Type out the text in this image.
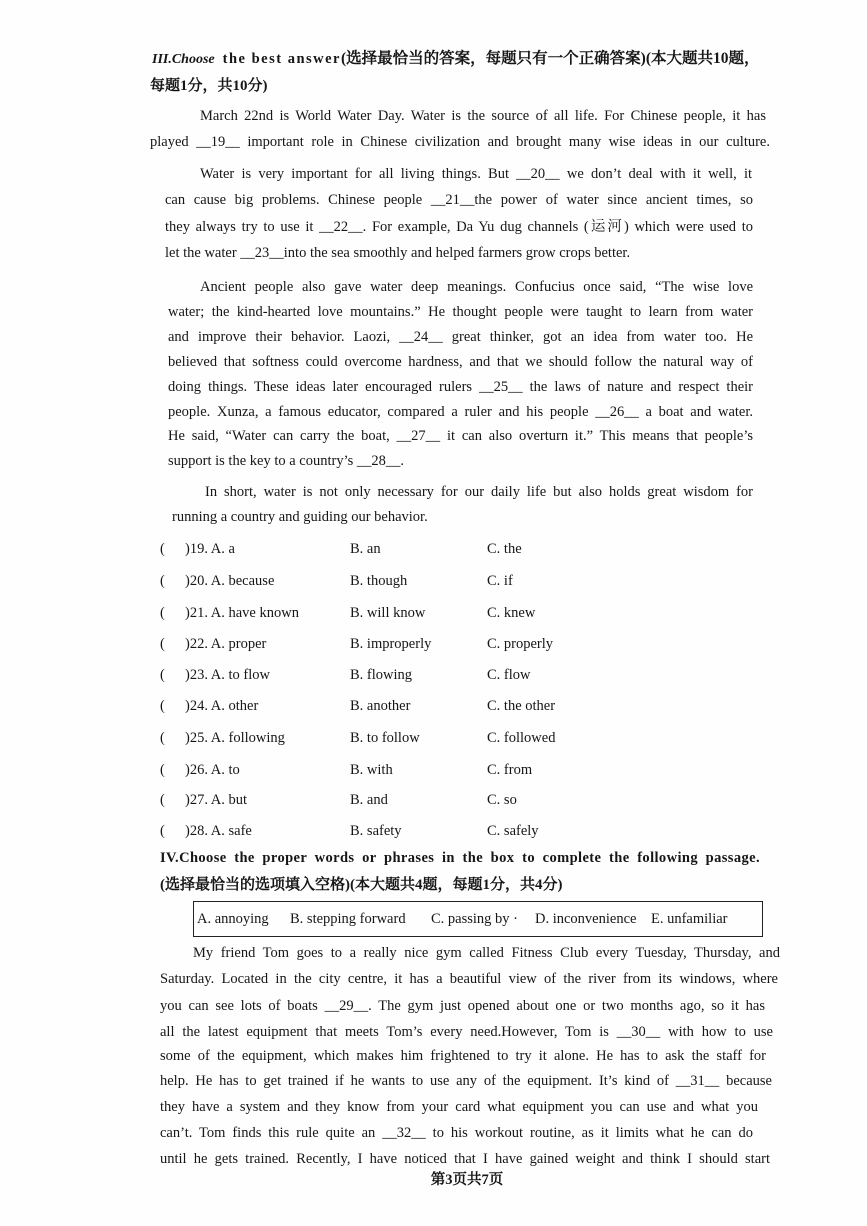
III.Choose the best answer(选择最恰当的答案，每题只有一个正确答案)(本大题共10题，
每题1分，共10分)
March 22nd is World Water Day. Water is the source of all life. For Chinese people, it has
played __19__ important role in Chinese civilization and brought many wise ideas in our culture.
Water is very important for all living things. But __20__ we don’t deal with it well, it
can cause big problems. Chinese people __21__the power of water since ancient times, so
they always try to use it __22__. For example, Da Yu dug channels (运河) which were used to
let the water __23__into the sea smoothly and helped farmers grow crops better.
Ancient people also gave water deep meanings. Confucius once said, “The wise love
water; the kind-hearted love mountains.” He thought people were taught to learn from water
and improve their behavior. Laozi, __24__ great thinker, got an idea from water too. He
believed that softness could overcome hardness, and that we should follow the natural way of
doing things. These ideas later encouraged rulers __25__ the laws of nature and respect their
people. Xunza, a famous educator, compared a ruler and his people __26__ a boat and water.
He said, “Water can carry the boat, __27__ it can also overturn it.” This means that people’s
support is the key to a country’s __28__.
In short, water is not only necessary for our daily life but also holds great wisdom for
running a country and guiding our behavior.
( )19. A. a	B. an	C. the
( )20. A. because	B. though	C. if
( )21. A. have known	B. will know	C. knew
( )22. A. proper	B. improperly	C. properly
( )23. A. to flow	B. flowing	C. flow
( )24. A. other	B. another	C. the other
( )25. A. following	B. to follow	C. followed
( )26. A. to	B. with	C. from
( )27. A. but	B. and	C. so
( )28. A. safe	B. safety	C. safely
IV.Choose the proper words or phrases in the box to complete the following passage.
(选择最恰当的选项填入空格)(本大题共4题，每题1分，共4分)
A. annoying B. stepping forward C. passing by · D. inconvenience E. unfamiliar
My friend Tom goes to a really nice gym called Fitness Club every Tuesday, Thursday, and
Saturday. Located in the city centre, it has a beautiful view of the river from its windows, where
you can see lots of boats __29__. The gym just opened about one or two months ago, so it has
all the latest equipment that meets Tom’s every need.However, Tom is __30__ with how to use
some of the equipment, which makes him frightened to try it alone. He has to ask the staff for
help. He has to get trained if he wants to use any of the equipment. It’s kind of __31__ because
they have a system and they know from your card what equipment you can use and what you
can’t. Tom finds this rule quite an __32__ to his workout routine, as it limits what he can do
until he gets trained. Recently, I have noticed that I have gained weight and think I should start
第3页共7页
